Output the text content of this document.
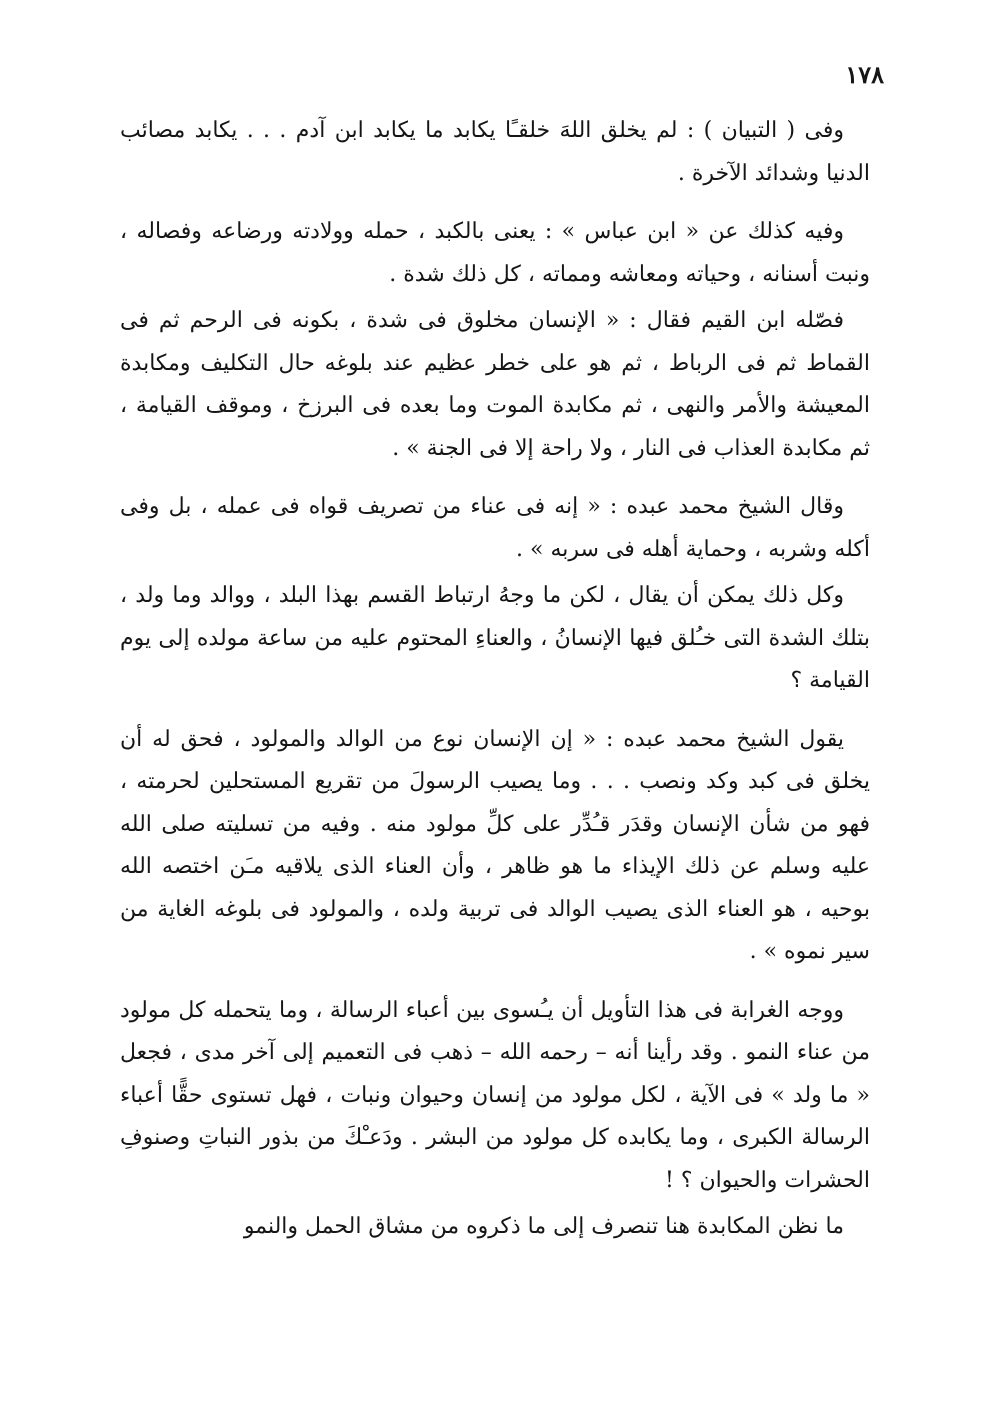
١٧٨

وفى ( التبيان ) : لم يخلق اللهَ خلقـًا يكابد ما يكابد ابن آدم . . . يكابد مصائب الدنيا وشدائد الآخرة .

وفيه كذلك عن « ابن عباس » : يعنى بالكبد ، حمله وولادته ورضاعه وفصاله ، ونبت أسنانه ، وحياته ومعاشه ومماته ، كل ذلك شدة .

فصّله ابن القيم فقال : « الإنسان مخلوق فى شدة ، بكونه فى الرحم ثم فى القماط ثم فى الرباط ، ثم هو على خطر عظيم عند بلوغه حال التكليف ومكابدة المعيشة والأمر والنهى ، ثم مكابدة الموت وما بعده فى البرزخ ، وموقف القيامة ، ثم مكابدة العذاب فى النار ، ولا راحة إلا فى الجنة » .

وقال الشيخ محمد عبده : « إنه فى عناء من تصريف قواه فى عمله ، بل وفى أكله وشربه ، وحماية أهله فى سربه » .

وكل ذلك يمكن أن يقال ، لكن ما وجهُ ارتباط القسم بهذا البلد ، ووالد وما ولد ، بتلك الشدة التى خـُلق فيها الإنسانُ ، والعناءِ المحتوم عليه من ساعة مولده إلى يوم القيامة ؟

يقول الشيخ محمد عبده : « إن الإنسان نوع من الوالد والمولود ، فحق له أن يخلق فى كبد وكد ونصب . . . وما يصيب الرسولَ من تقريع المستحلين لحرمته ، فهو من شأن الإنسان وقدَر قـُدِّر على كلِّ مولود منه . وفيه من تسليته صلى الله عليه وسلم عن ذلك الإيذاء ما هو ظاهر ، وأن العناء الذى يلاقيه مـَن اختصه الله بوحيه ، هو العناء الذى يصيب الوالد فى تربية ولده ، والمولود فى بلوغه الغاية من سير نموه » .

ووجه الغرابة فى هذا التأويل أن يـُسوى بين أعباء الرسالة ، وما يتحمله كل مولود من عناء النمو . وقد رأينا أنه – رحمه الله – ذهب فى التعميم إلى آخر مدى ، فجعل « ما ولد » فى الآية ، لكل مولود من إنسان وحيوان ونبات ، فهل تستوى حقًّا أعباء الرسالة الكبرى ، وما يكابده كل مولود من البشر . ودَعـْكَ من بذور النباتِ وصنوفِ الحشرات والحيوان ؟ !

ما نظن المكابدة هنا تنصرف إلى ما ذكروه من مشاق الحمل والنمو
